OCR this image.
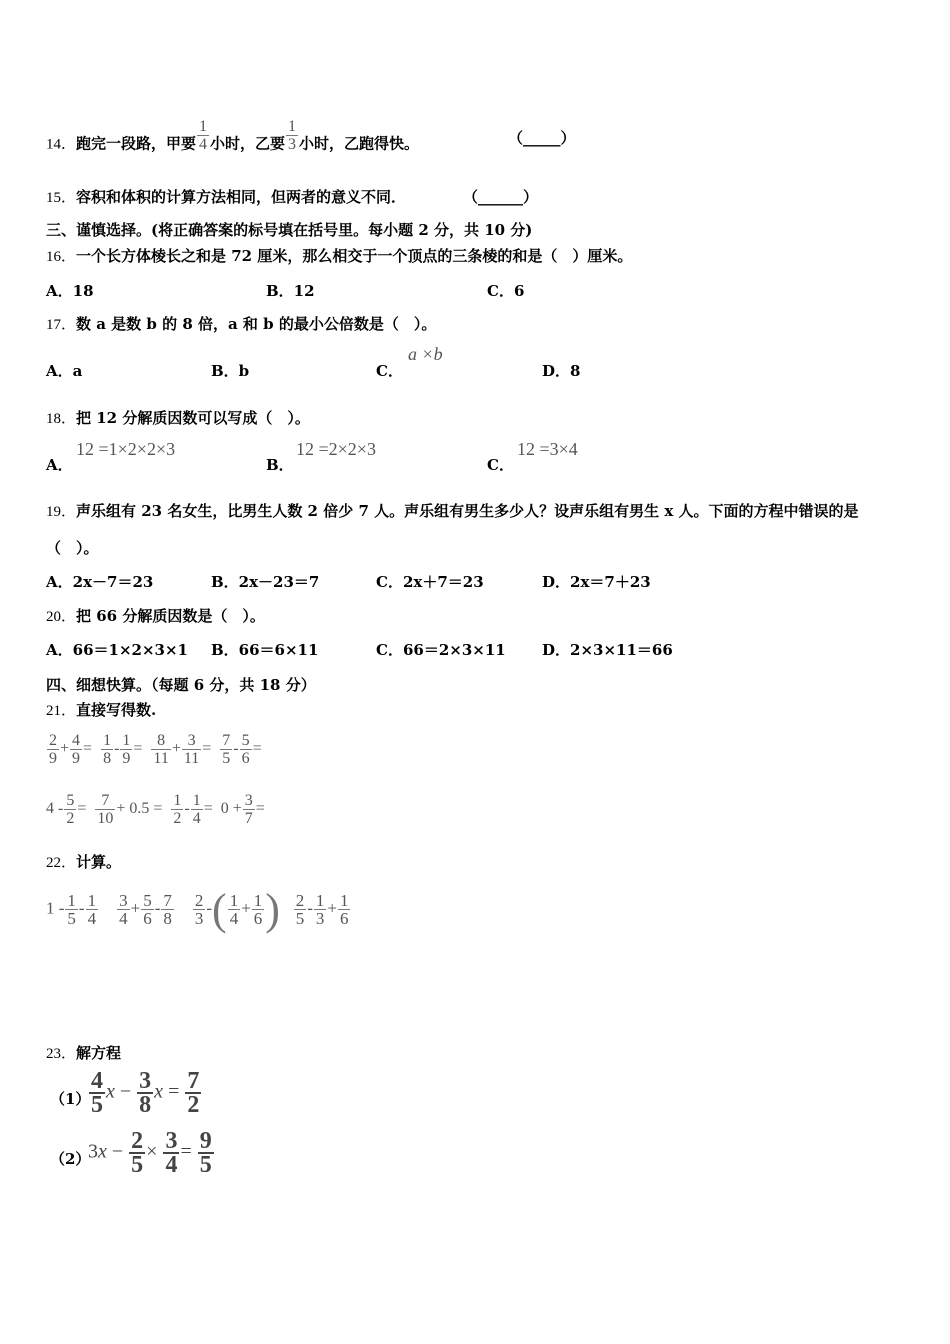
14．跑完一段路，甲要 $\frac{1}{4}$ 小时，乙要 $\frac{1}{3}$ 小时，乙跑得快。	（_____）
15．容积和体积的计算方法相同，但两者的意义不同．	（______）
三、谨慎选择。(将正确答案的标号填在括号里。每小题 2 分，共 10 分)
16．一个长方体棱长之和是 72 厘米，那么相交于一个顶点的三条棱的和是（　）厘米。
A．18	B．12	C．6
17．数 a 是数 b 的 8 倍，a 和 b 的最小公倍数是（　）。
A．a	B．b	C．
a ×b
D．8
18．把 12 分解质因数可以写成（　）。
A．
12 =1×2×2×3
B．
12 =2×2×3
C．
12 =3×4
19．声乐组有 23 名女生，比男生人数 2 倍少 7 人。声乐组有男生多少人？设声乐组有男生 x 人。下面的方程中错误的是
（　）。
A．2x－7＝23	B．2x－23＝7	C．2x＋7＝23	D．2x＝7＋23
20．把 66 分解质因数是（　）。
A．66＝1×2×3×1 B．66＝6×11	C．66＝2×3×11 D．2×3×11＝66
四、细想快算。（每题 6 分，共 18 分）
21．直接写得数.
$\frac{2}{9} + \frac{4}{9} = \frac{1}{8} - \frac{1}{9} = \frac{8}{11} + \frac{3}{11} = \frac{7}{5} - \frac{5}{6}$ =
$4 - \frac{5}{2} = \frac{7}{10} + 0.5 = \frac{1}{2} - \frac{1}{4} = 0 + \frac{3}{7}$ =
22．计算。
$1 - \frac{1}{5} - \frac{1}{4}$
$\frac{3}{4} + \frac{5}{6} - \frac{7}{8}$
$\frac{2}{3}$ -( $\frac{1}{4} + \frac{1}{6}$ ) $\frac{2}{5} - \frac{1}{3} + \frac{1}{6}$
23．解方程
（1）
$\frac{4}{5}$ $x - \frac{3}{8}$ $x = \frac{7}{2}$
（2）
$3x - \frac{2}{5} \times \frac{3}{4} = \frac{9}{5}$
